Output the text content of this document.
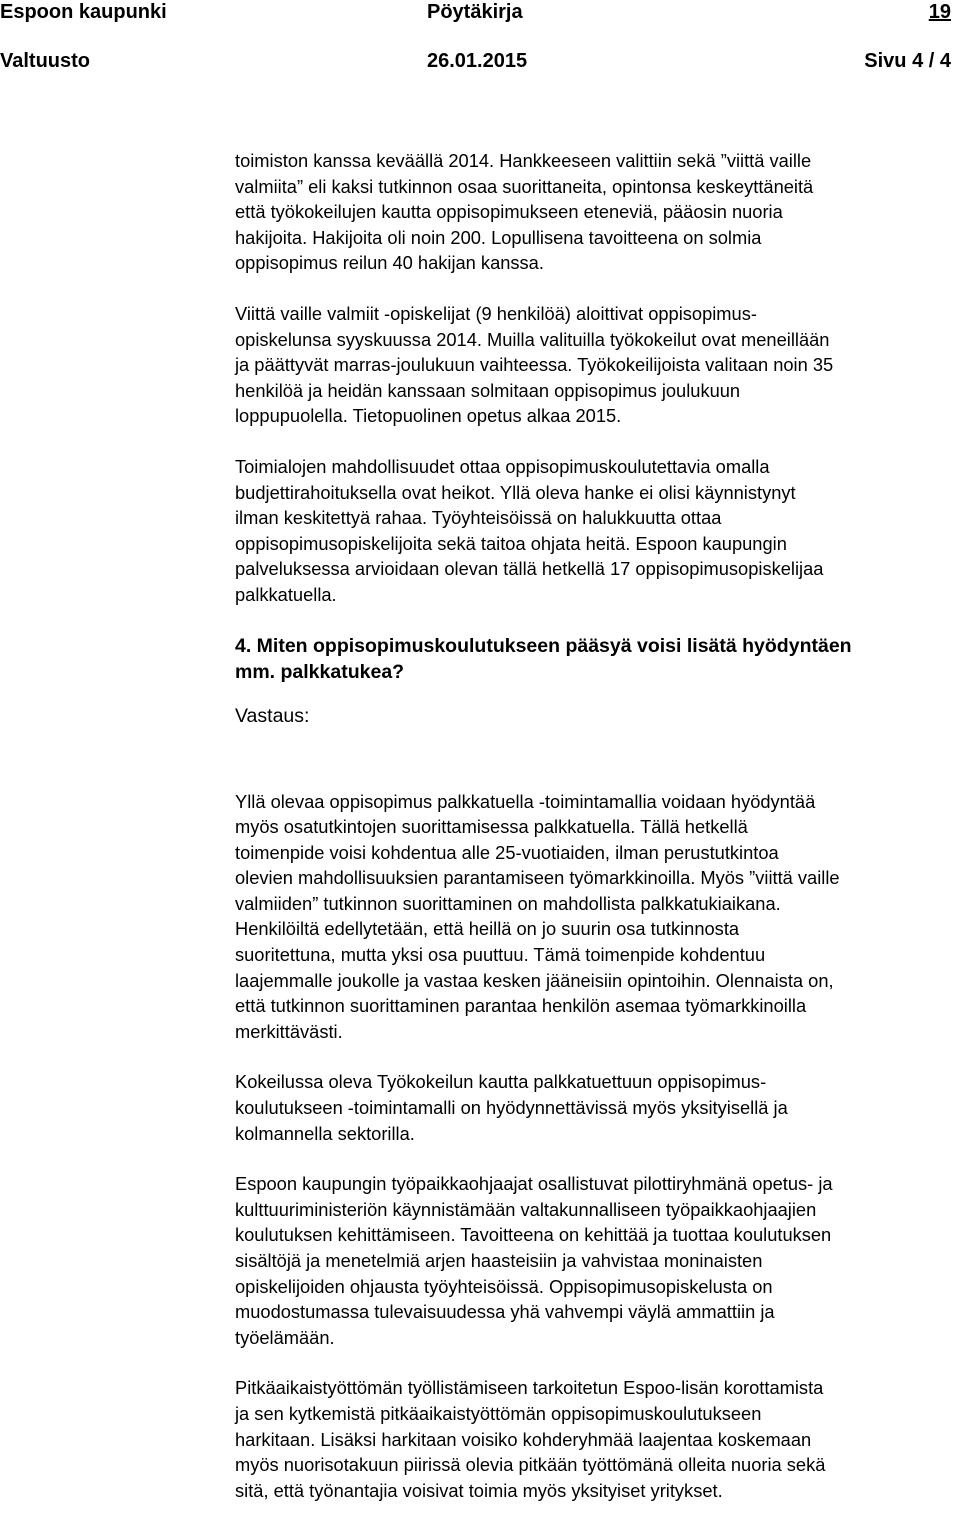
Espoon kaupunki	Pöytäkirja	19
Valtuusto	26.01.2015	Sivu 4 / 4

toimiston kanssa keväällä 2014. Hankkeeseen valittiin sekä ”viittä vaille
valmiita” eli kaksi tutkinnon osaa suorittaneita, opintonsa keskeyttäneitä
että työkokeilujen kautta oppisopimukseen eteneviä, pääosin nuoria
hakijoita. Hakijoita oli noin 200. Lopullisena tavoitteena on solmia
oppisopimus reilun 40 hakijan kanssa.

Viittä vaille valmiit -opiskelijat (9 henkilöä) aloittivat oppisopimus-
opiskelunsa syyskuussa 2014. Muilla valituilla työkokeilut ovat meneillään
ja päättyvät marras-joulukuun vaihteessa. Työkokeilijoista valitaan noin 35
henkilöä ja heidän kanssaan solmitaan oppisopimus joulukuun
loppupuolella. Tietopuolinen opetus alkaa 2015.

Toimialojen mahdollisuudet ottaa oppisopimuskoulutettavia omalla
budjettirahoituksella ovat heikot. Yllä oleva hanke ei olisi käynnistynyt
ilman keskitettyä rahaa. Työyhteisöissä on halukkuutta ottaa
oppisopimusopiskelijoita sekä taitoa ohjata heitä. Espoon kaupungin
palveluksessa arvioidaan olevan tällä hetkellä 17 oppisopimusopiskelijaa
palkkatuella.

4. Miten oppisopimuskoulutukseen pääsyä voisi lisätä hyödyntäen
mm. palkkatukea?

Yllä olevaa oppisopimus palkkatuella -toimintamallia voidaan hyödyntää
myös osatutkintojen suorittamisessa palkkatuella. Tällä hetkellä
toimenpide voisi kohdentua alle 25-vuotiaiden, ilman perustutkintoa
olevien mahdollisuuksien parantamiseen työmarkkinoilla. Myös ”viittä vaille
valmiiden” tutkinnon suorittaminen on mahdollista palkkatukiaikana.
Henkilöiltä edellytetään, että heillä on jo suurin osa tutkinnosta
suoritettuna, mutta yksi osa puuttuu. Tämä toimenpide kohdentuu
laajemmalle joukolle ja vastaa kesken jääneisiin opintoihin. Olennaista on,
että tutkinnon suorittaminen parantaa henkilön asemaa työmarkkinoilla
merkittävästi.

Kokeilussa oleva Työkokeilun kautta palkkatuettuun oppisopimus-
koulutukseen -toimintamalli on hyödynnettävissä myös yksityisellä ja
kolmannella sektorilla.

Espoon kaupungin työpaikkaohjaajat osallistuvat pilottiryhmänä opetus- ja
kulttuuriministeriön käynnistämään valtakunnalliseen työpaikkaohjaajien
koulutuksen kehittämiseen. Tavoitteena on kehittää ja tuottaa koulutuksen
sisältöjä ja menetelmiä arjen haasteisiin ja vahvistaa moninaisten
opiskelijoiden ohjausta työyhteisöissä. Oppisopimusopiskelusta on
muodostumassa tulevaisuudessa yhä vahvempi väylä ammattiin ja
työelämään.

Pitkäaikaistyöttömän työllistämiseen tarkoitetun Espoo-lisän korottamista
ja sen kytkemistä pitkäaikaistyöttömän oppisopimuskoulutukseen
harkitaan. Lisäksi harkitaan voisiko kohderyhmää laajentaa koskemaan
myös nuorisotakuun piirissä olevia pitkään työttömänä olleita nuoria sekä
sitä, että työnantajia voisivat toimia myös yksityiset yritykset.

Vastaus:
